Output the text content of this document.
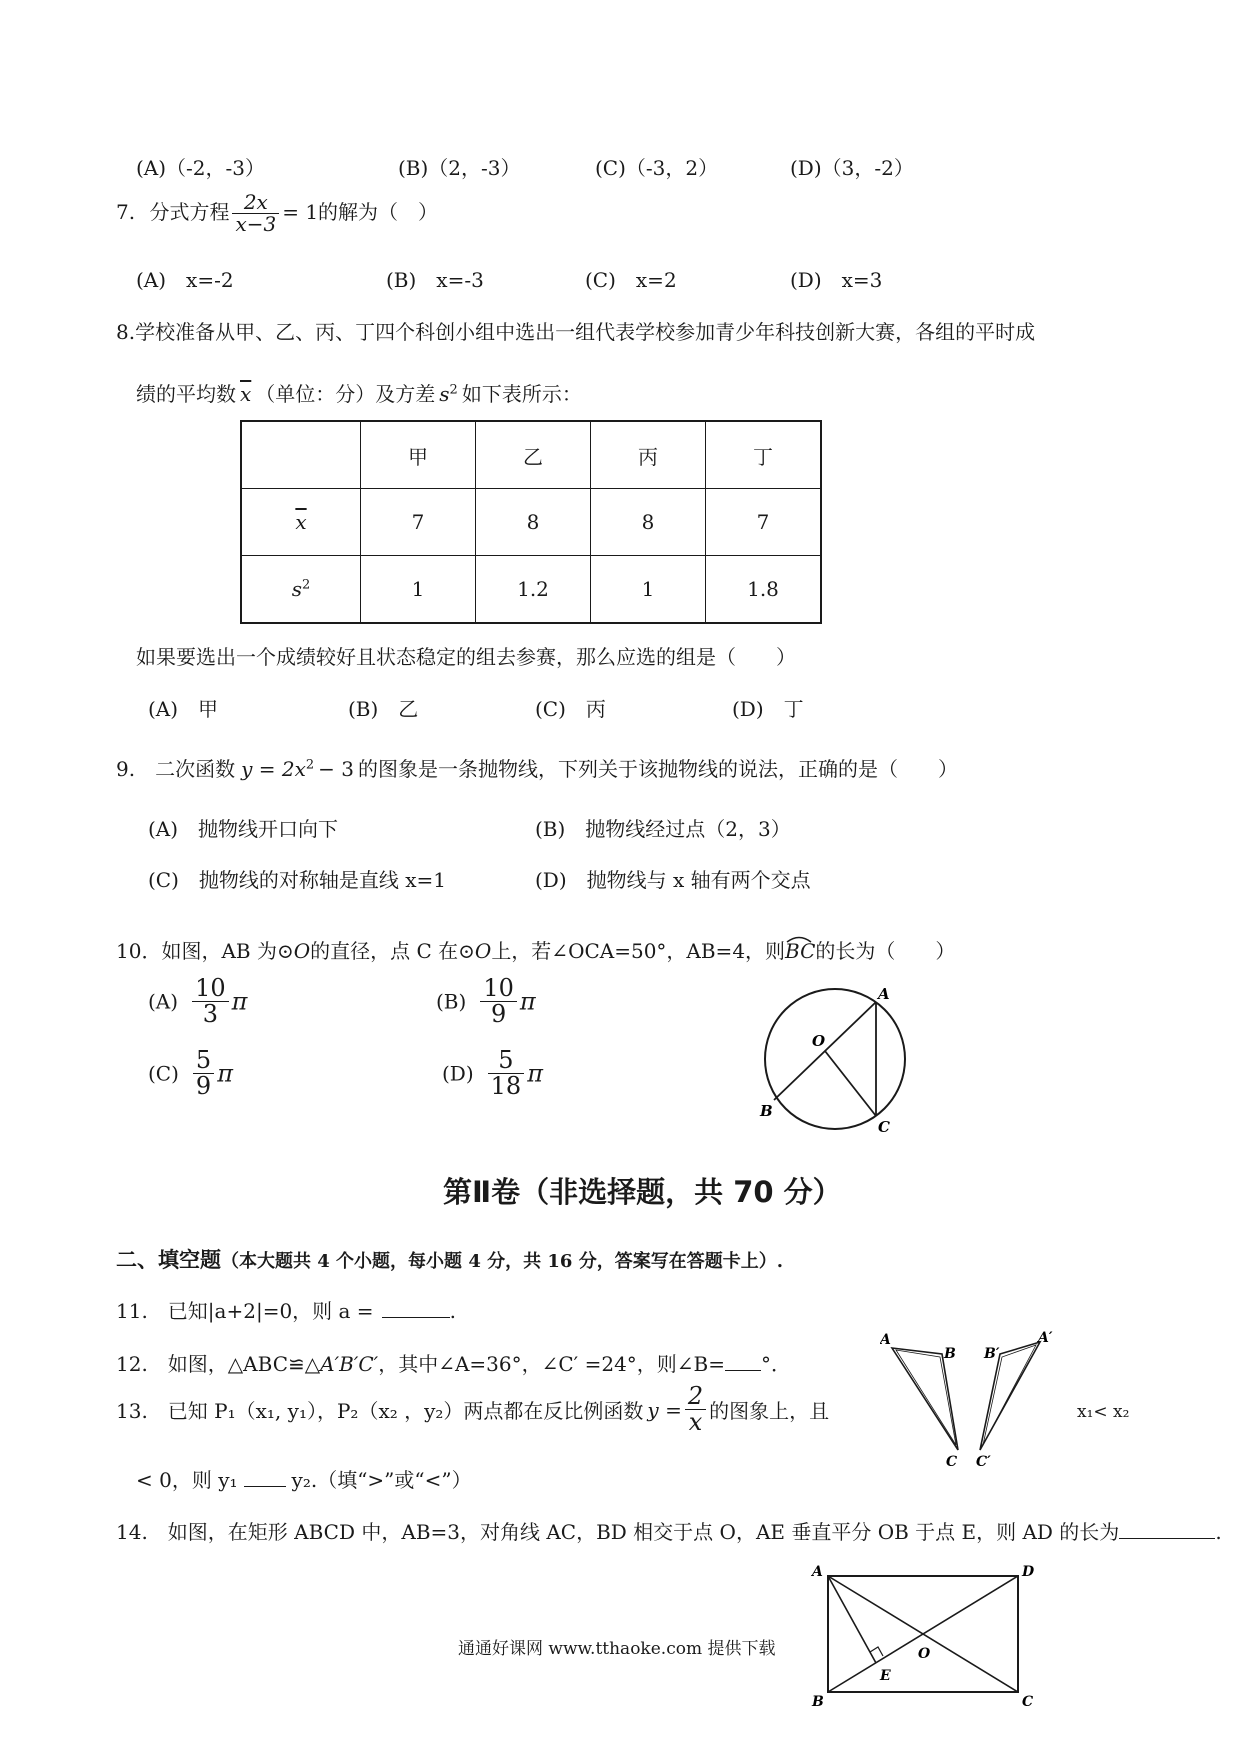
(A)（-2，-3）	(B)（2，-3）	(C)（-3，2）	(D)（3，-2）
7. 分式方程 $\frac{2x}{x-3} = 1$的解为（　）
(A)　x=-2	(B)　x=-3	(C)　x=2	(D)　x=3
8.学校准备从甲、乙、丙、丁四个科创小组中选出一组代表学校参加青少年科技创新大赛，各组的平时成
绩的平均数 $\overline{x}$ （单位：分）及方差 $s^2$ 如下表所示：
	甲	乙	丙	丁
$\overline{x}$	7	8	8	7
$s^2$	1	1.2	1	1.8
如果要选出一个成绩较好且状态稳定的组去参赛，那么应选的组是（　　）
(A)　甲	(B)　乙	(C)　丙	(D)　丁
9.　二次函数 $y = 2x^2 - 3$ 的图象是一条抛物线，下列关于该抛物线的说法，正确的是（　　）
(A)　抛物线开口向下	(B)　抛物线经过点（2，3）
(C)　抛物线的对称轴是直线 x=1	(D)　抛物线与 x 轴有两个交点
10．如图，AB 为⊙O的直径，点 C 在⊙O上，若∠OCA=50°，AB=4，则BC
的长为（　　）
$(A) \frac{10}{3}$ π	$(B) \frac{10}{9}$ π
$(C) \frac{5}{9}$ π	$(D) \frac{5}{18}$ π
A
O
B
C
第Ⅱ卷（非选择题，共 70 分）
二、填空题（本大题共 4 个小题，每小题 4 分，共 16 分，答案写在答题卡上）.
11.　已知|a+2|=0，则 a =	.
12.　如图，△ABC≌△A′B′C′，其中∠A=36°，∠C′ =24°，则∠B= °．
A
B
C
A′
B′
C′
13.　已知 P₁（x₁, y₁），P₂（x₂ ，y₂）两点都在反比例函数 $y = \frac{2}{x}$ 的图象上，且	x₁< x₂
< 0，则 y₁	y₂.（填“>”或“<”）
14.　如图，在矩形 ABCD 中，AB=3，对角线 AC，BD 相交于点 O，AE 垂直平分 OB 于点 E，则 AD 的长为	.
A	D
B	C
O
E
通通好课网 www.tthaoke.com 提供下载
